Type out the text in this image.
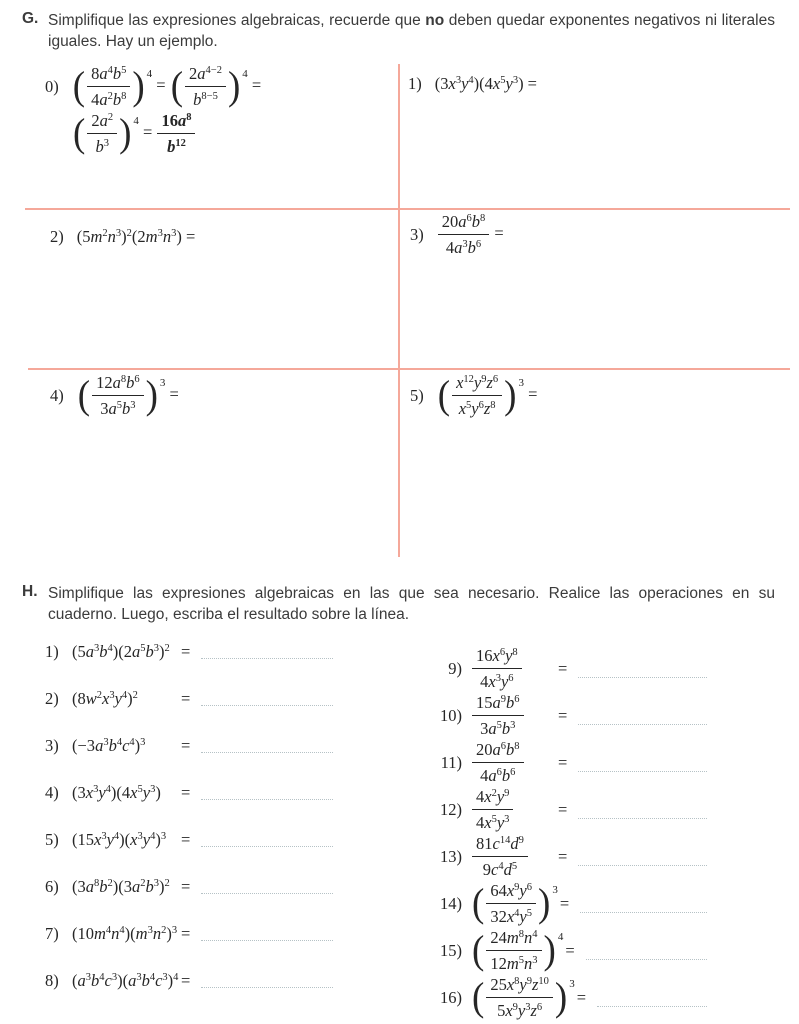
G. Simplifique las expresiones algebraicas, recuerde que no deben quedar exponentes negativos ni literales iguales. Hay un ejemplo.
0) ( $\frac{8a^4b^5}{4a^2b^8}$ ) 4 = ( $\frac{2a^{4-2}}{b^{8-5}}$ ) 4 =
( $\frac{2a^2}{b^3}$ ) $4 = \frac{16a^8}{b^{12}}$
1) $(3x^3y^4)(4x^5y^3)$ =
2) $(5m^2n^3)^2(2m^3n^3)$ =	$3) \frac{20a^6b^8}{4a^3b^6}$ =
4) ( $\frac{12a^8b^6}{3a^5b^3}$ ) 3 =	5) ( $\frac{x^{12}y^9z^6}{x^5y^6z^8}$ ) 3 =
H. Simplifique las expresiones algebraicas en las que sea necesario. Realice las operaciones en su cuaderno. Luego, escriba el resultado sobre la línea.
1) $(5a^3b^4)(2a^5b^3)^2$ =
2) $(8w^2x^3y^4)^2$	=
3) $(-3a^3b^4c^4)^3$	=
4) $(3x^3y^4)(4x^5y^3)$	=
5) $(15x^3y^4)(x^3y^4)^3$ =
6) $(3a^8b^2)(3a^2b^3)^2$ =
7) $(10m^4n^4)(m^3n^2)^3$ =
8) $(a^3b^4c^3)(a^3b^4c^3)^4$ =
$9) \frac{16x^6y^8}{4x^3y^6}$ =
$10) \frac{15a^9b^6}{3a^5b^3}$ =
$11) \frac{20a^6b^8}{4a^6b^6}$ =
$12) \frac{4x^2y^9}{4x^5y^3}$	=
$13) \frac{81c^{14}d^9}{9c^4d^5}$ =
14) ( $\frac{64x^9y^6}{32x^4y^5}$ ) 3
=
15) ( $\frac{24m^8n^4}{12m^5n^3}$ ) 4
=
16) ( $\frac{25x^8y^9z^{10}}{5x^9y^3z^6}$ ) 3
=
